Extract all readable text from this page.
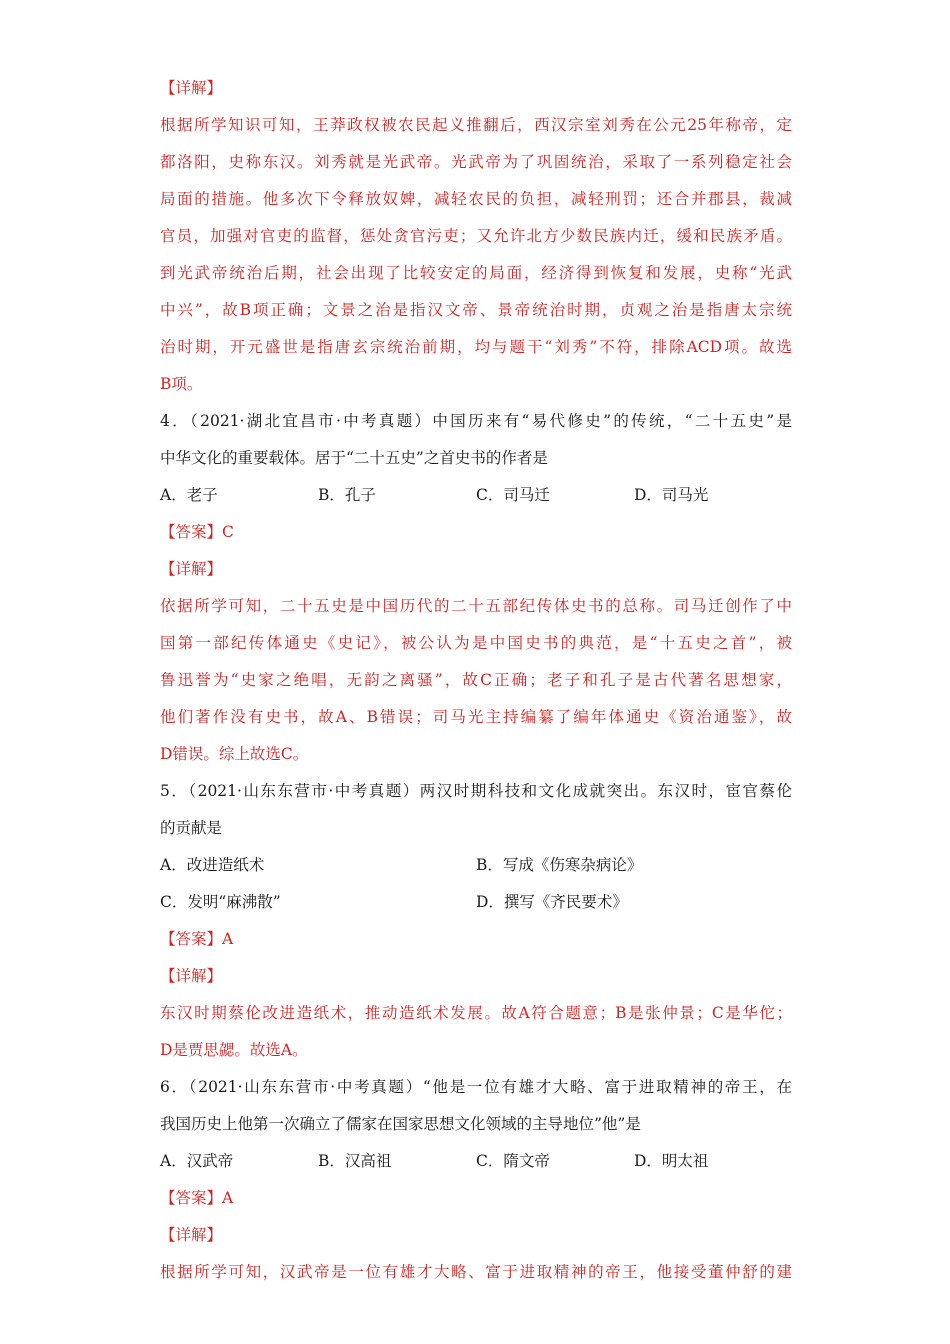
【详解】
根据所学知识可知，王莽政权被农民起义推翻后，西汉宗室刘秀在公元25年称帝，定
都洛阳，史称东汉。刘秀就是光武帝。光武帝为了巩固统治，采取了一系列稳定社会
局面的措施。他多次下令释放奴婢，减轻农民的负担，减轻刑罚；还合并郡县，裁减
官员，加强对官吏的监督，惩处贪官污吏；又允许北方少数民族内迁，缓和民族矛盾。
到光武帝统治后期，社会出现了比较安定的局面，经济得到恢复和发展，史称“光武
中兴”，故B项正确；文景之治是指汉文帝、景帝统治时期，贞观之治是指唐太宗统
治时期，开元盛世是指唐玄宗统治前期，均与题干“刘秀”不符，排除ACD项。故选
B项。
4．（2021·湖北宜昌市·中考真题）中国历来有“易代修史”的传统，“二十五史”是
中华文化的重要载体。居于“二十五史”之首史书的作者是
A．老子	B．孔子	C．司马迁	D．司马光
【答案】C
【详解】
依据所学可知，二十五史是中国历代的二十五部纪传体史书的总称。司马迁创作了中
国第一部纪传体通史《史记》，被公认为是中国史书的典范，是“十五史之首”，被
鲁迅誉为“史家之绝唱，无韵之离骚”，故C正确；老子和孔子是古代著名思想家，
他们著作没有史书，故A、B错误；司马光主持编纂了编年体通史《资治通鉴》，故
D错误。综上故选C。
5．（2021·山东东营市·中考真题）两汉时期科技和文化成就突出。东汉时，宦官蔡伦
的贡献是
A．改进造纸术	B．写成《伤寒杂病论》
C．发明“麻沸散”	D．撰写《齐民要术》
【答案】A
【详解】
东汉时期蔡伦改进造纸术，推动造纸术发展。故A符合题意；B是张仲景；C是华佗；
D是贾思勰。故选A。
6．（2021·山东东营市·中考真题）“他是一位有雄才大略、富于进取精神的帝王，在
我国历史上他第一次确立了儒家在国家思想文化领域的主导地位”他”是
A．汉武帝	B．汉高祖	C．隋文帝	D．明太祖
【答案】A
【详解】
根据所学可知，汉武帝是一位有雄才大略、富于进取精神的帝王，他接受董仲舒的建
